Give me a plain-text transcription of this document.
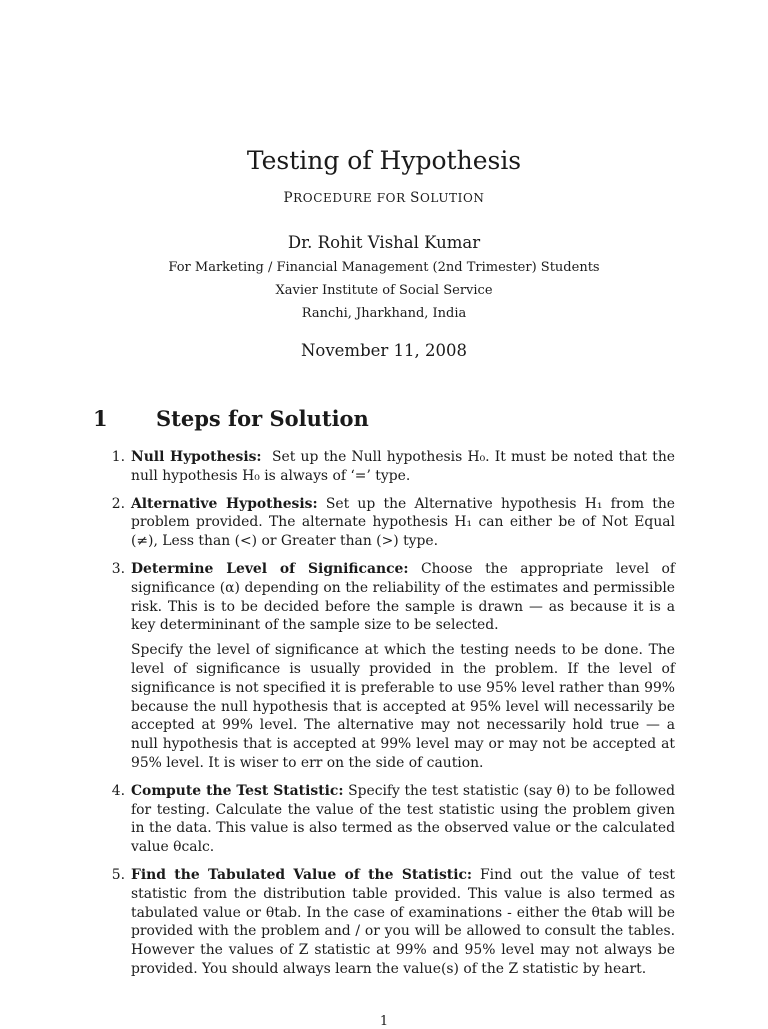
Testing of Hypothesis
PROCEDURE FOR SOLUTION
Dr. Rohit Vishal Kumar
For Marketing / Financial Management (2nd Trimester) Students
Xavier Institute of Social Service
Ranchi, Jharkhand, India
November 11, 2008
1 Steps for Solution
1. Null Hypothesis: Set up the Null hypothesis H₀. It must be noted that the null hypothesis H₀ is always of ‘=’ type.

2. Alternative Hypothesis: Set up the Alternative hypothesis H₁ from the problem provided. The alternate hypothesis H₁ can either be of Not Equal (≠), Less than (<) or Greater than (>) type.

3. Determine Level of Significance: Choose the appropriate level of significance (α) depending on the reliability of the estimates and permissible risk. This is to be decided before the sample is drawn — as because it is a key determininant of the sample size to be selected.

Specify the level of significance at which the testing needs to be done. The level of significance is usually provided in the problem. If the level of significance is not specified it is preferable to use 95% level rather than 99% because the null hypothesis that is accepted at 95% level will necessarily be accepted at 99% level. The alternative may not necessarily hold true — a null hypothesis that is accepted at 99% level may or may not be accepted at 95% level. It is wiser to err on the side of caution.

4. Compute the Test Statistic: Specify the test statistic (say θ) to be followed for testing. Calculate the value of the test statistic using the problem given in the data. This value is also termed as the observed value or the calculated value θcalc.

5. Find the Tabulated Value of the Statistic: Find out the value of test statistic from the distribution table provided. This value is also termed as tabulated value or θtab. In the case of examinations - either the θtab will be provided with the problem and / or you will be allowed to consult the tables. However the values of Z statistic at 99% and 95% level may not always be provided. You should always learn the value(s) of the Z statistic by heart.

1
